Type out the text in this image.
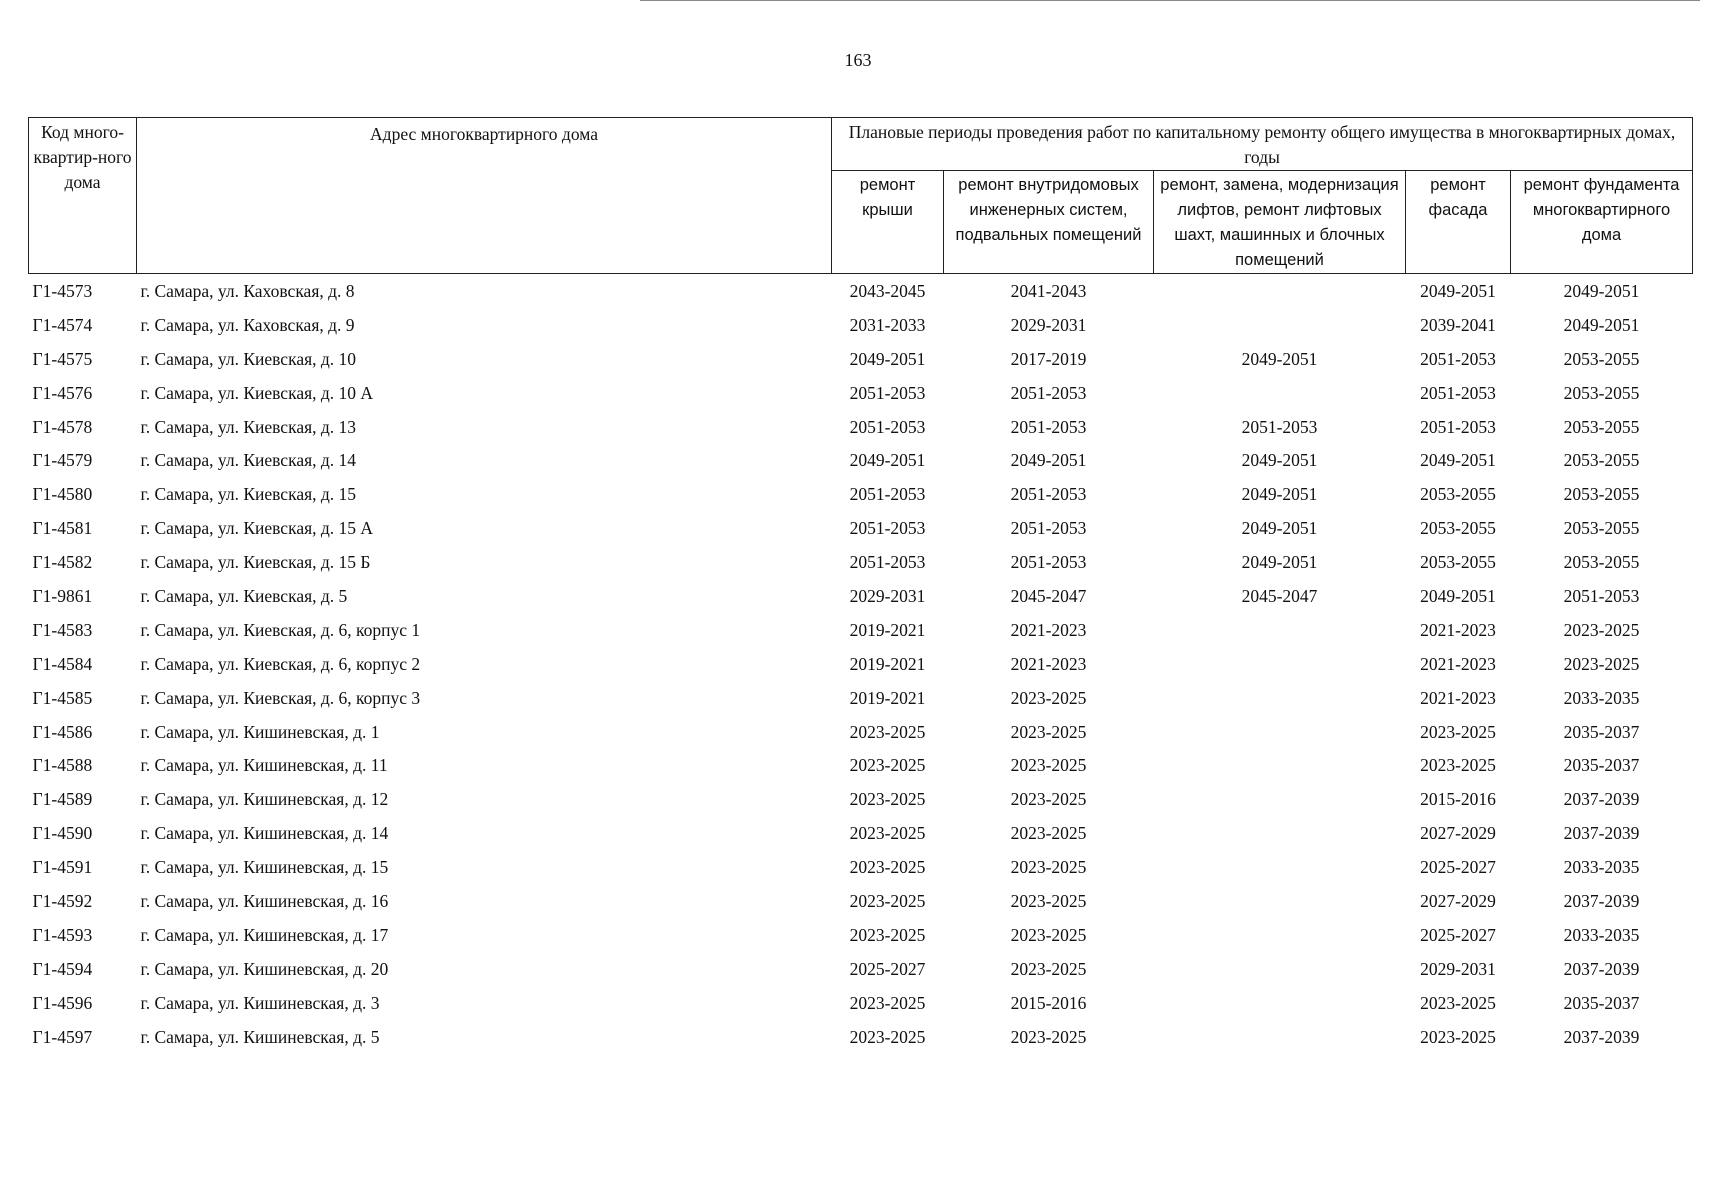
163
Код много-квартир-ного дома	Адрес многоквартирного дома	Плановые периоды проведения работ по капитальному ремонту общего имущества в многоквартирных домах, годы				
		ремонт крыши	ремонт внутридомовых инженерных систем, подвальных помещений	ремонт, замена, модернизация лифтов, ремонт лифтовых шахт, машинных и блочных помещений	ремонт фасада	ремонт фундамента многоквартирного дома
Г1-4573	г. Самара, ул. Каховская, д. 8	2043-2045	2041-2043		2049-2051	2049-2051
Г1-4574	г. Самара, ул. Каховская, д. 9	2031-2033	2029-2031		2039-2041	2049-2051
Г1-4575	г. Самара, ул. Киевская, д. 10	2049-2051	2017-2019	2049-2051	2051-2053	2053-2055
Г1-4576	г. Самара, ул. Киевская, д. 10 А	2051-2053	2051-2053		2051-2053	2053-2055
Г1-4578	г. Самара, ул. Киевская, д. 13	2051-2053	2051-2053	2051-2053	2051-2053	2053-2055
Г1-4579	г. Самара, ул. Киевская, д. 14	2049-2051	2049-2051	2049-2051	2049-2051	2053-2055
Г1-4580	г. Самара, ул. Киевская, д. 15	2051-2053	2051-2053	2049-2051	2053-2055	2053-2055
Г1-4581	г. Самара, ул. Киевская, д. 15 А	2051-2053	2051-2053	2049-2051	2053-2055	2053-2055
Г1-4582	г. Самара, ул. Киевская, д. 15 Б	2051-2053	2051-2053	2049-2051	2053-2055	2053-2055
Г1-9861	г. Самара, ул. Киевская, д. 5	2029-2031	2045-2047	2045-2047	2049-2051	2051-2053
Г1-4583	г. Самара, ул. Киевская, д. 6, корпус 1	2019-2021	2021-2023		2021-2023	2023-2025
Г1-4584	г. Самара, ул. Киевская, д. 6, корпус 2	2019-2021	2021-2023		2021-2023	2023-2025
Г1-4585	г. Самара, ул. Киевская, д. 6, корпус 3	2019-2021	2023-2025		2021-2023	2033-2035
Г1-4586	г. Самара, ул. Кишиневская, д. 1	2023-2025	2023-2025		2023-2025	2035-2037
Г1-4588	г. Самара, ул. Кишиневская, д. 11	2023-2025	2023-2025		2023-2025	2035-2037
Г1-4589	г. Самара, ул. Кишиневская, д. 12	2023-2025	2023-2025		2015-2016	2037-2039
Г1-4590	г. Самара, ул. Кишиневская, д. 14	2023-2025	2023-2025		2027-2029	2037-2039
Г1-4591	г. Самара, ул. Кишиневская, д. 15	2023-2025	2023-2025		2025-2027	2033-2035
Г1-4592	г. Самара, ул. Кишиневская, д. 16	2023-2025	2023-2025		2027-2029	2037-2039
Г1-4593	г. Самара, ул. Кишиневская, д. 17	2023-2025	2023-2025		2025-2027	2033-2035
Г1-4594	г. Самара, ул. Кишиневская, д. 20	2025-2027	2023-2025		2029-2031	2037-2039
Г1-4596	г. Самара, ул. Кишиневская, д. 3	2023-2025	2015-2016		2023-2025	2035-2037
Г1-4597	г. Самара, ул. Кишиневская, д. 5	2023-2025	2023-2025		2023-2025	2037-2039
